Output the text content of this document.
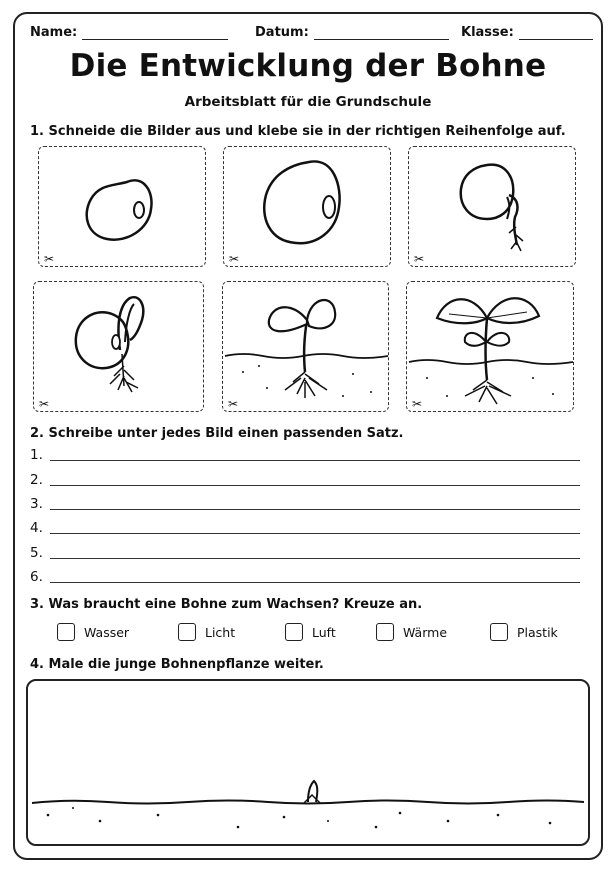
Name:	Datum:	Klasse:
Die Entwicklung der Bohne
Arbeitsblatt für die Grundschule
1. Schneide die Bilder aus und klebe sie in der richtigen Reihenfolge auf.
✂	✂	✂
✂	✂	✂
2. Schreibe unter jedes Bild einen passenden Satz.
1.
2.
3.
4.
5.
6.
3. Was braucht eine Bohne zum Wachsen? Kreuze an.
Wasser	Licht	Luft	Wärme	Plastik
4. Male die junge Bohnenpflanze weiter.
